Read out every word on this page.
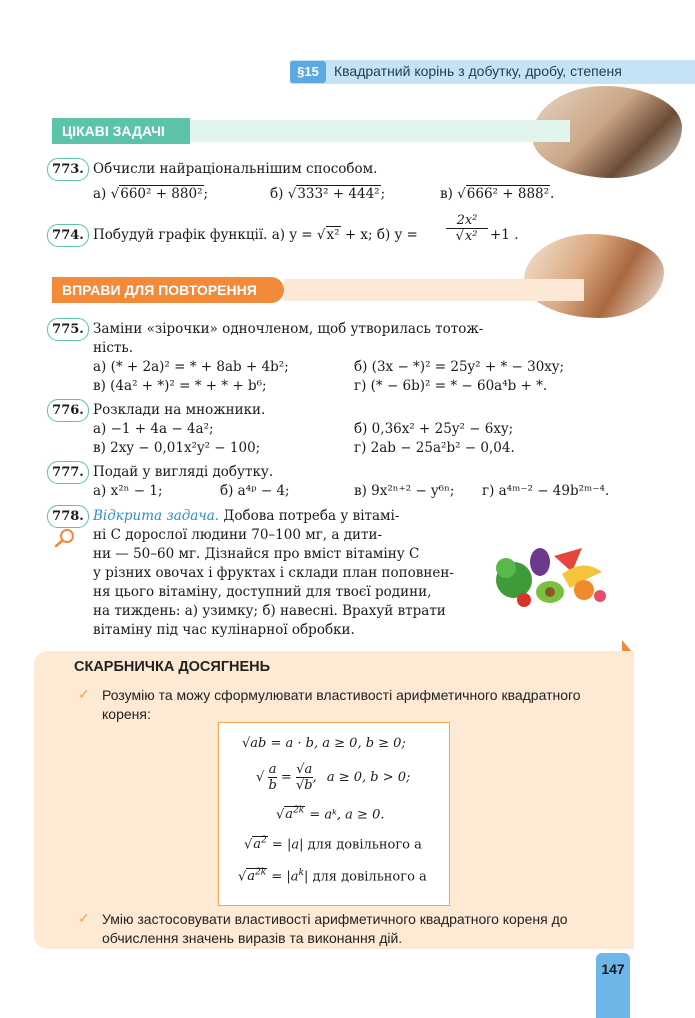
§15	Квадратний корінь з добутку, дробу, степеня
ЦІКАВІ ЗАДАЧІ
773. Обчисли найраціональнішим способом.
а) √660² + 880²;	б) √333² + 444²;	в) √666² + 888².
774. Побудуй графік функції. а) y = √x² + x; б) $y = \frac{\text{2x²}}{\text{√x²}} +1$ .
ВПРАВИ ДЛЯ ПОВТОРЕННЯ
775. Заміни «зірочки» одночленом, щоб утворилась тотож-
ність.
а) (* + 2a)² = * + 8ab + 4b²;	б) (3x − *)² = 25y² + * − 30xy;
в) (4a² + *)² = * + * + b⁶;	г) (* − 6b)² = * − 60a⁴b + *.
776. Розклади на множники.
а) −1 + 4a − 4a²;	б) 0,36x² + 25y² − 6xy;
в) 2xy − 0,01x²y² − 100;	г) 2ab − 25a²b² − 0,04.
777. Подай у вигляді добутку.
а) x²ⁿ − 1;	б) a⁴ᵖ − 4;	в) 9x²ⁿ⁺² − y⁶ⁿ; г) a⁴ᵐ⁻² − 49b²ᵐ⁻⁴.
778. Відкрита задача. Добова потреба у вітамі-
ні С дорослої людини 70–100 мг, а дити-
ни — 50–60 мг. Дізнайся про вміст вітаміну С
у різних овочах і фруктах і склади план поповнен-
ня цього вітаміну, доступний для твоєї родини,
на тиждень: а) узимку; б) навесні. Врахуй втрати
вітаміну під час кулінарної обробки.
СКАРБНИЧКА ДОСЯГНЕНЬ
✓ Розумію та можу сформулювати властивості арифметичного квадратного
кореня:
√ab = a · b, a ≥ 0, b ≥ 0;
√ $\frac{a}{b} = \frac{√a}{√b}$ , a ≥ 0, b > 0;
$√a^{2k}$ = aᵏ, a ≥ 0.
$√a^2 = |a|$ для довільного a
$√a^{2k} = |a^k|$ для довільного a
✓ Умію застосовувати властивості арифметичного квадратного кореня до
обчислення значень виразів та виконання дій.
147
